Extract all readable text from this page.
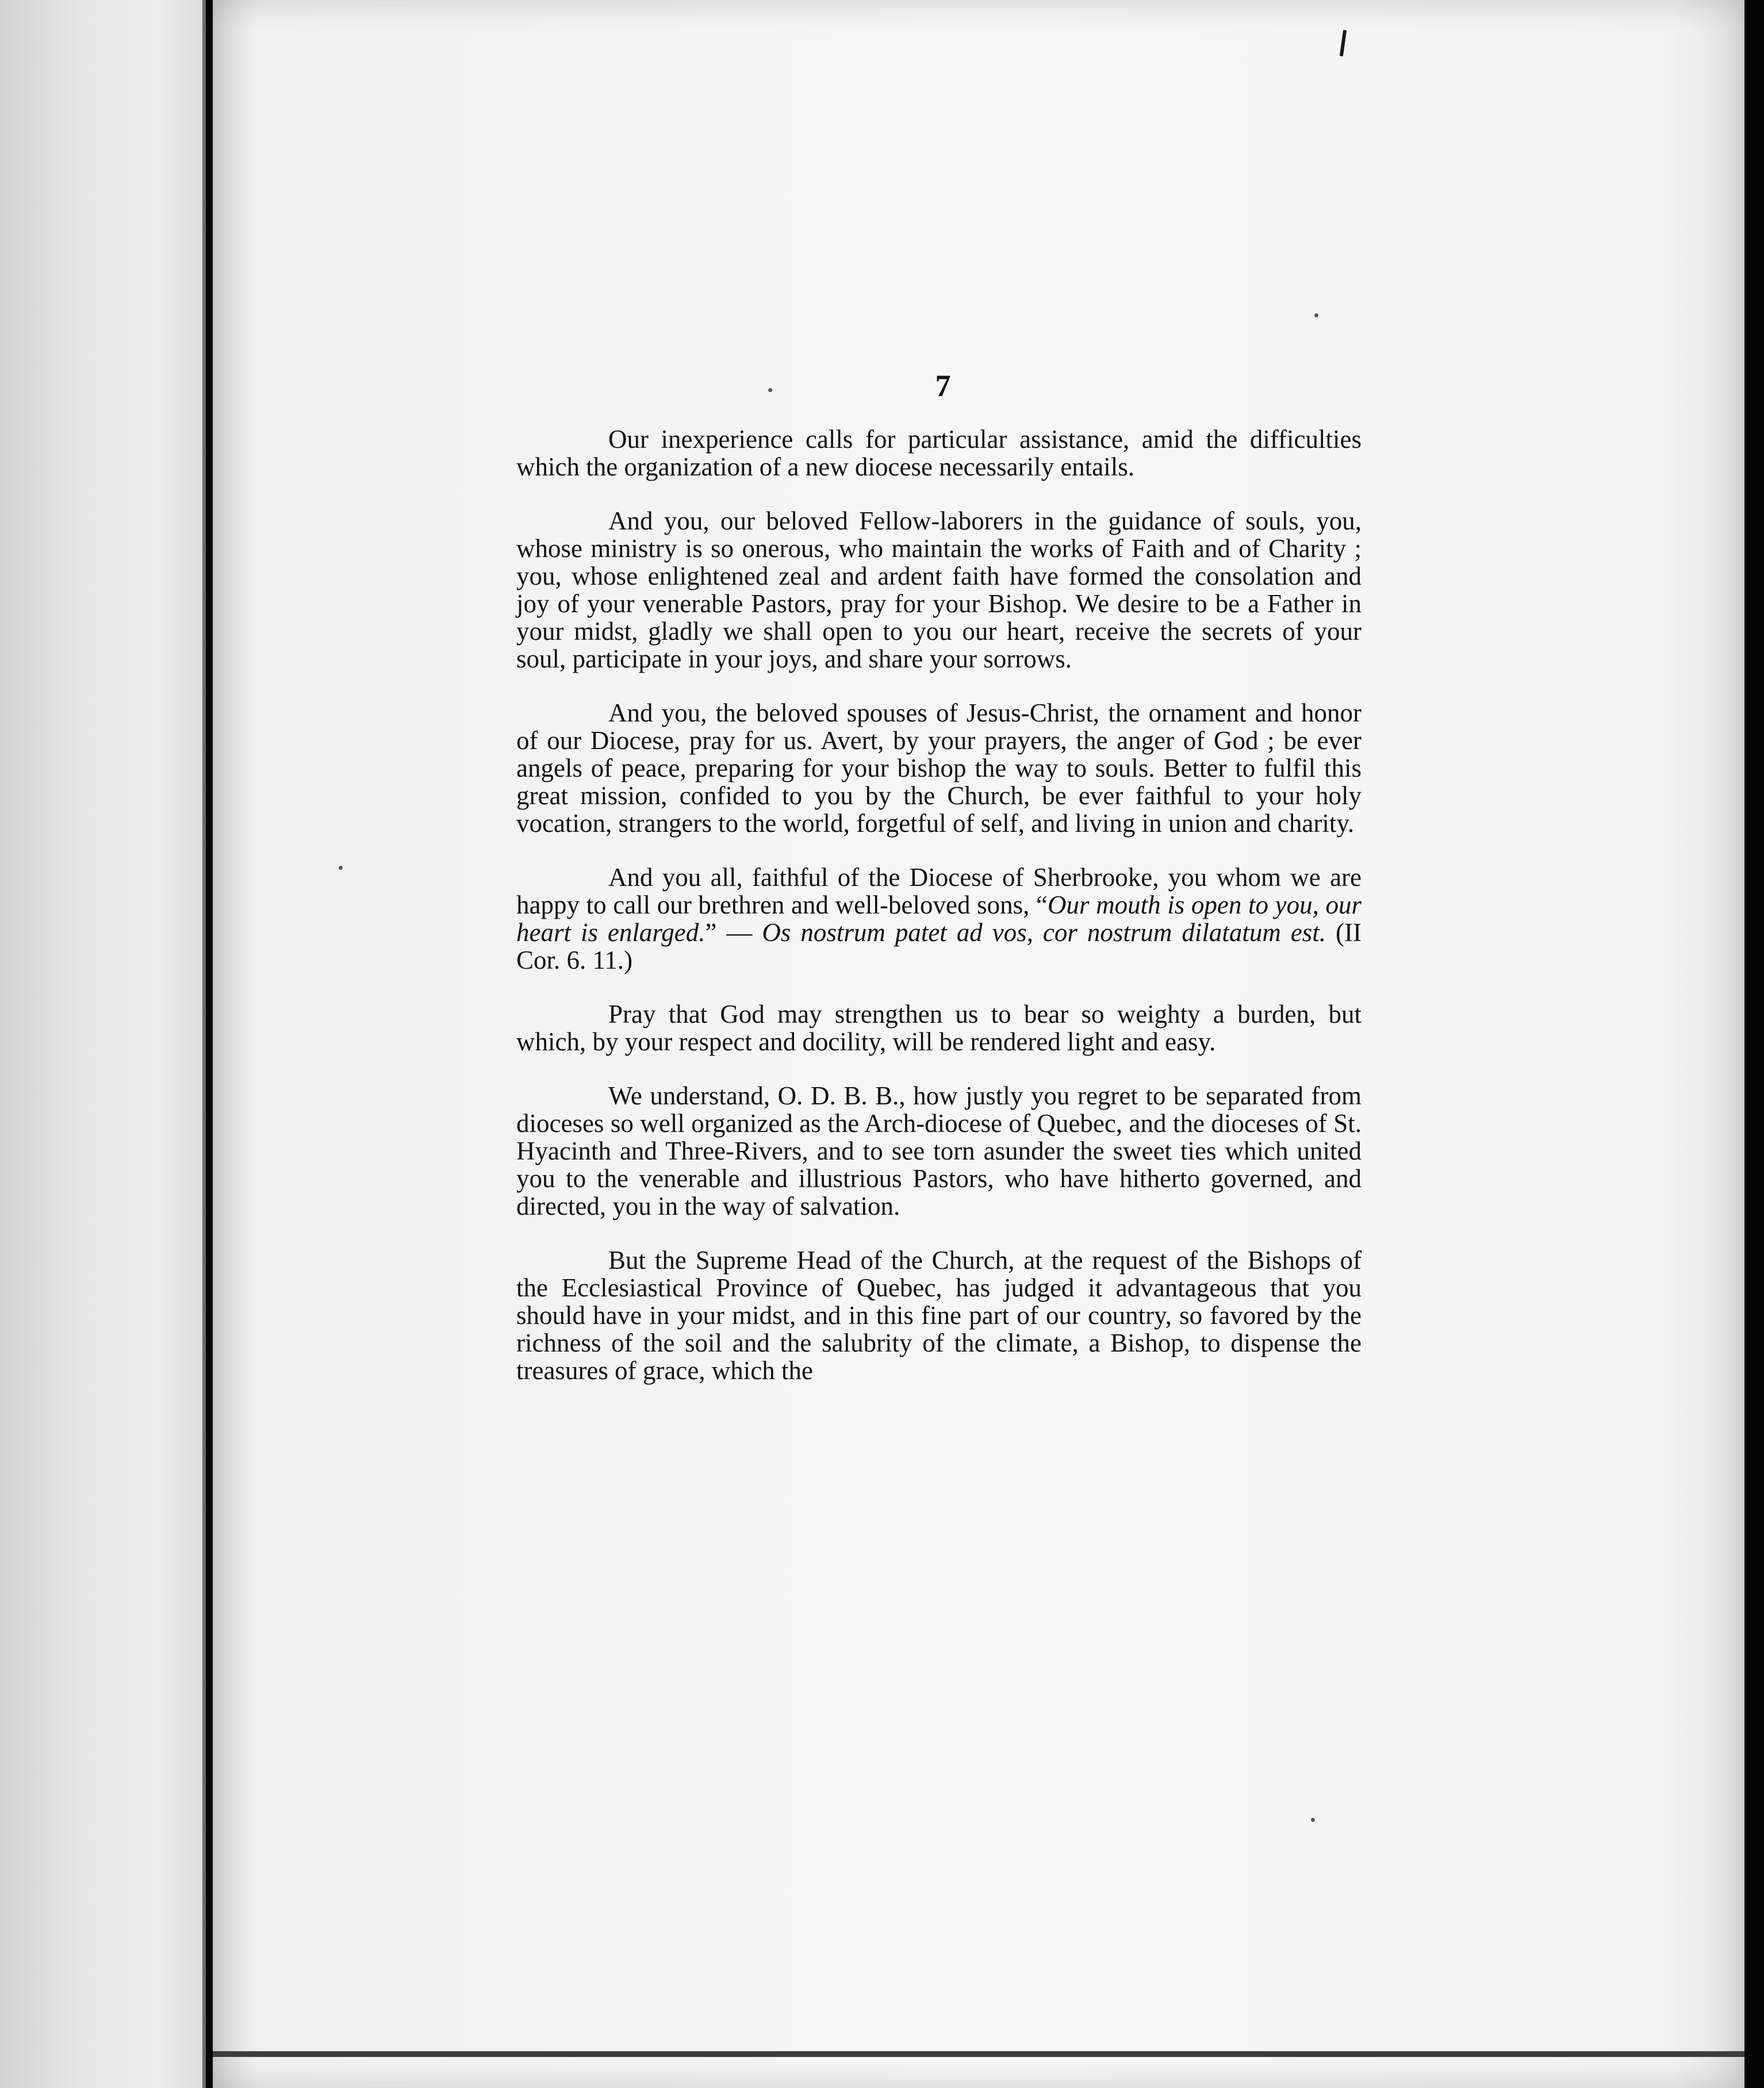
7

Our inexperience calls for particular assistance, amid the difficulties which the organization of a new diocese necessarily entails.

And you, our beloved Fellow-laborers in the guidance of souls, you, whose ministry is so onerous, who maintain the works of Faith and of Charity ; you, whose enlightened zeal and ardent faith have formed the consolation and joy of your venerable Pastors, pray for your Bishop. We desire to be a Father in your midst, gladly we shall open to you our heart, receive the secrets of your soul, participate in your joys, and share your sorrows.

And you, the beloved spouses of Jesus-Christ, the ornament and honor of our Diocese, pray for us. Avert, by your prayers, the anger of God ; be ever angels of peace, preparing for your bishop the way to souls. Better to fulfil this great mission, confided to you by the Church, be ever faithful to your holy vocation, strangers to the world, forgetful of self, and living in union and charity.

And you all, faithful of the Diocese of Sherbrooke, you whom we are happy to call our brethren and well-beloved sons, “Our mouth is open to you, our heart is enlarged.” — Os nostrum patet ad vos, cor nostrum dilatatum est. (II Cor. 6. 11.)

Pray that God may strengthen us to bear so weighty a burden, but which, by your respect and docility, will be rendered light and easy.

We understand, O. D. B. B., how justly you regret to be separated from dioceses so well organized as the Arch-diocese of Quebec, and the dioceses of St. Hyacinth and Three-Rivers, and to see torn asunder the sweet ties which united you to the venerable and illustrious Pastors, who have hitherto governed, and directed, you in the way of salvation.

But the Supreme Head of the Church, at the request of the Bishops of the Ecclesiastical Province of Quebec, has judged it advantageous that you should have in your midst, and in this fine part of our country, so favored by the richness of the soil and the salubrity of the climate, a Bishop, to dispense the treasures of grace, which the
